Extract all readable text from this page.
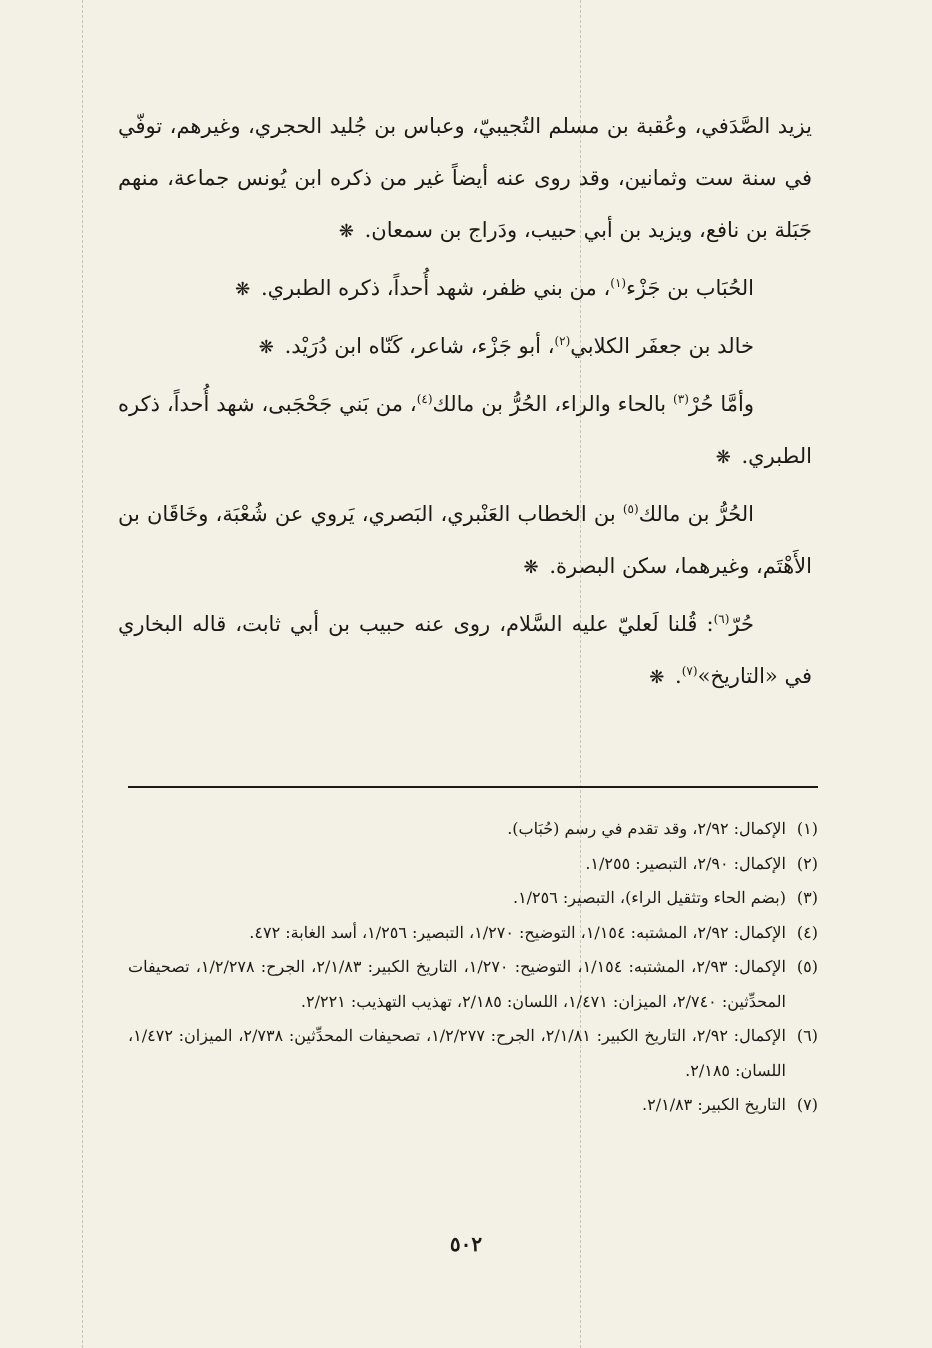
يزيد الصَّدَفي، وعُقبة بن مسلم التُجيبيّ، وعباس بن جُليد الحجري، وغيرهم، توفّي في سنة ست وثمانين، وقد روى عنه أيضاً غير من ذكره ابن يُونس جماعة، منهم جَبَلة بن نافع، ويزيد بن أبي حبيب، ودَراج بن سمعان. ❋

الحُبَاب بن جَزْء$^{(١)}$، من بني ظفر، شهد أُحداً، ذكره الطبري. ❋

خالد بن جعفَر الكلابي$^{(٢)}$، أبو جَزْء، شاعر، كَنّاه ابن دُرَيْد. ❋

وأمَّا حُرْ$^{(٣)}$ بالحاء والراء، الحُرُّ بن مالك$^{(٤)}$، من بَني جَحْجَبى، شهد أُحداً، ذكره الطبري. ❋

الحُرُّ بن مالك$^{(٥)}$ بن الخطاب العَنْبري، البَصري، يَروي عن شُعْبَة، وخَاقَان بن الأَهْتَم، وغيرهما، سكن البصرة. ❋

حُرّ$^{(٦)}$: قُلنا لَعليّ عليه السَّلام، روى عنه حبيب بن أبي ثابت، قاله البخاري في «التاريخ»$^{(٧)}$. ❋

(١)
الإكمال: ٢/٩٢، وقد تقدم في رسم (حُبَاب).

(٢)
الإكمال: ٢/٩٠، التبصير: ١/٢٥٥.

(٣)
(بضم الحاء وتثقيل الراء)، التبصير: ١/٢٥٦.

(٤)
الإكمال: ٢/٩٢، المشتبه: ١/١٥٤، التوضيح: ١/٢٧٠، التبصير: ١/٢٥٦، أسد الغابة: ٤٧٢.

(٥)
الإكمال: ٢/٩٣، المشتبه: ١/١٥٤، التوضيح: ١/٢٧٠، التاريخ الكبير: ٢/١/٨٣، الجرح: ١/٢/٢٧٨، تصحيفات المحدِّثين: ٢/٧٤٠، الميزان: ١/٤٧١، اللسان: ٢/١٨٥، تهذيب التهذيب: ٢/٢٢١.

(٦)
الإكمال: ٢/٩٢، التاريخ الكبير: ٢/١/٨١، الجرح: ١/٢/٢٧٧، تصحيفات المحدِّثين: ٢/٧٣٨، الميزان: ١/٤٧٢، اللسان: ٢/١٨٥.

(٧)
التاريخ الكبير: ٢/١/٨٣.

٥٠٢
